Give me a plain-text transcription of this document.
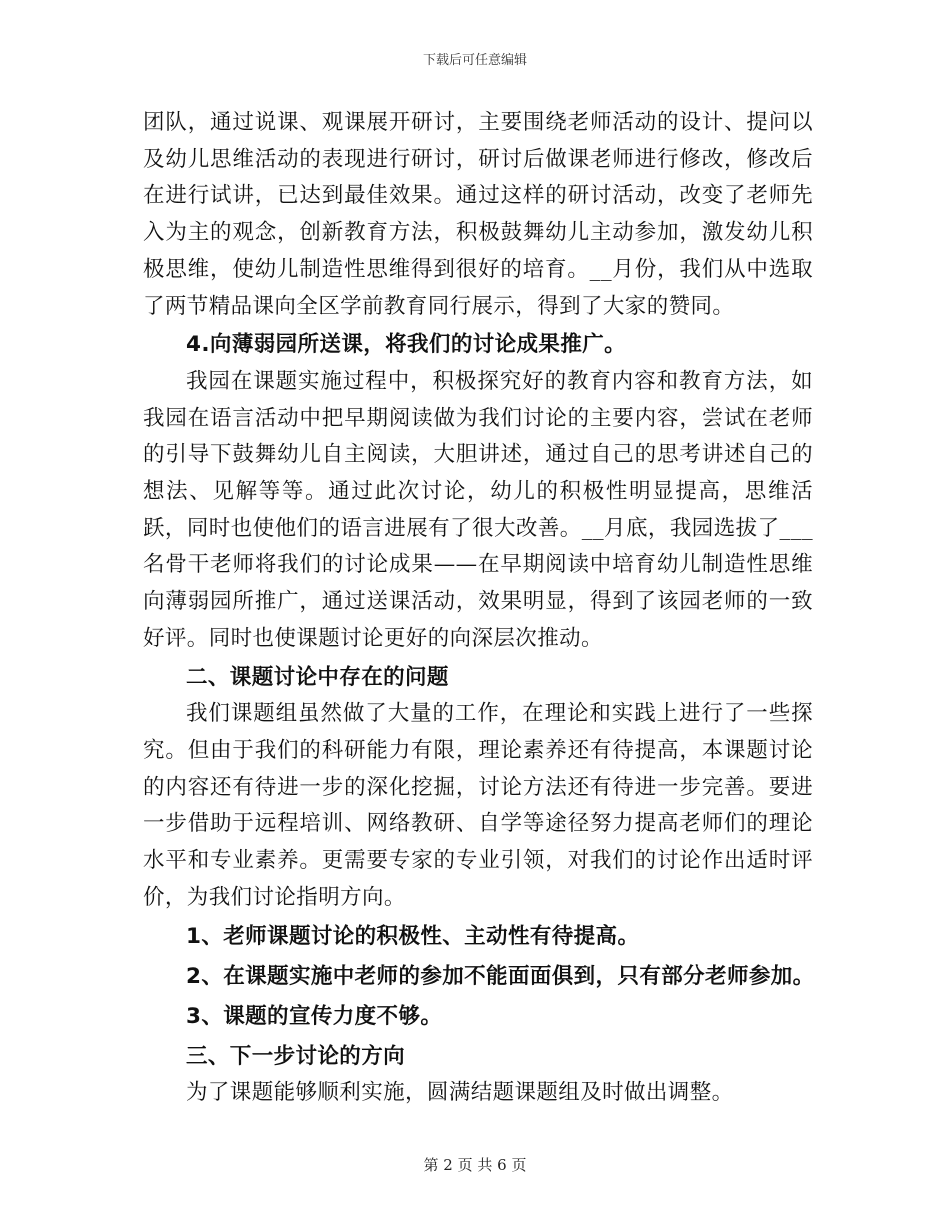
下载后可任意编辑

团队，通过说课、观课展开研讨，主要围绕老师活动的设计、提问以及幼儿思维活动的表现进行研讨，研讨后做课老师进行修改，修改后在进行试讲，已达到最佳效果。通过这样的研讨活动，改变了老师先入为主的观念，创新教育方法，积极鼓舞幼儿主动参加，激发幼儿积极思维，使幼儿制造性思维得到很好的培育。__月份，我们从中选取了两节精品课向全区学前教育同行展示，得到了大家的赞同。

4.向薄弱园所送课，将我们的讨论成果推广。

我园在课题实施过程中，积极探究好的教育内容和教育方法，如我园在语言活动中把早期阅读做为我们讨论的主要内容，尝试在老师的引导下鼓舞幼儿自主阅读，大胆讲述，通过自己的思考讲述自己的想法、见解等等。通过此次讨论，幼儿的积极性明显提高，思维活跃，同时也使他们的语言进展有了很大改善。__月底，我园选拔了___名骨干老师将我们的讨论成果——在早期阅读中培育幼儿制造性思维向薄弱园所推广，通过送课活动，效果明显，得到了该园老师的一致好评。同时也使课题讨论更好的向深层次推动。

二、课题讨论中存在的问题

我们课题组虽然做了大量的工作，在理论和实践上进行了一些探究。但由于我们的科研能力有限，理论素养还有待提高，本课题讨论的内容还有待进一步的深化挖掘，讨论方法还有待进一步完善。要进一步借助于远程培训、网络教研、自学等途径努力提高老师们的理论水平和专业素养。更需要专家的专业引领，对我们的讨论作出适时评价，为我们讨论指明方向。

1、老师课题讨论的积极性、主动性有待提高。

2、在课题实施中老师的参加不能面面俱到，只有部分老师参加。

3、课题的宣传力度不够。

三、下一步讨论的方向

为了课题能够顺利实施，圆满结题课题组及时做出调整。

第 2 页 共 6 页
